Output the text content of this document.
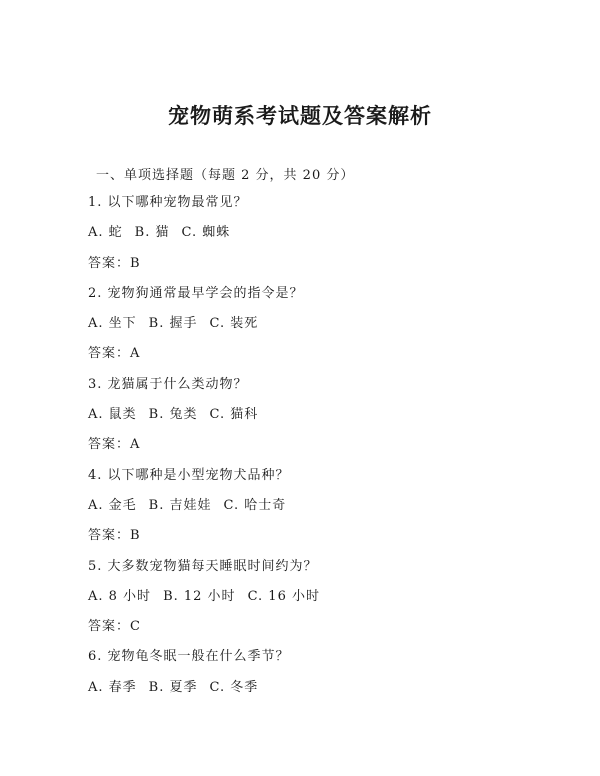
宠物萌系考试题及答案解析
一、单项选择题（每题 2 分，共 20 分）
1. 以下哪种宠物最常见？
A. 蛇 B. 猫 C. 蜘蛛
答案：B
2. 宠物狗通常最早学会的指令是？
A. 坐下 B. 握手 C. 装死
答案：A
3. 龙猫属于什么类动物？
A. 鼠类 B. 兔类 C. 猫科
答案：A
4. 以下哪种是小型宠物犬品种？
A. 金毛 B. 吉娃娃 C. 哈士奇
答案：B
5. 大多数宠物猫每天睡眠时间约为？
A. 8 小时 B. 12 小时 C. 16 小时
答案：C
6. 宠物龟冬眠一般在什么季节？
A. 春季 B. 夏季 C. 冬季
